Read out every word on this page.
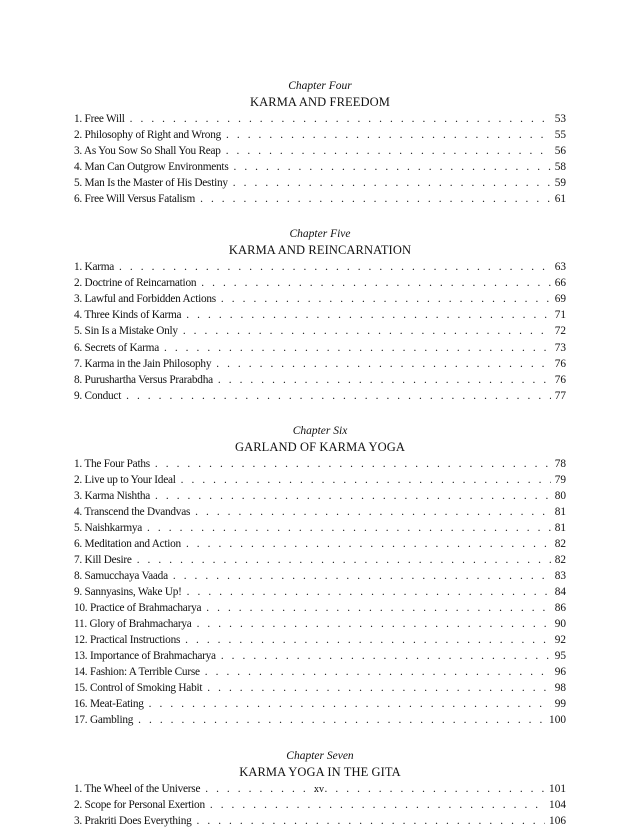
Chapter Four
KARMA AND FREEDOM
1. Free Will . . .	53
2. Philosophy of Right and Wrong . . .	55
3. As You Sow So Shall You Reap . . .	56
4. Man Can Outgrow Environments . . .	58
5. Man Is the Master of His Destiny . . .	59
6. Free Will Versus Fatalism . . .	61
Chapter Five
KARMA AND REINCARNATION
1. Karma . . .	63
2. Doctrine of Reincarnation . . .	66
3. Lawful and Forbidden Actions . . .	69
4. Three Kinds of Karma . . .	71
5. Sin Is a Mistake Only . . .	72
6. Secrets of Karma . . .	73
7. Karma in the Jain Philosophy . . .	76
8. Purushartha Versus Prarabdha . . .	76
9. Conduct . . .	77
Chapter Six
GARLAND OF KARMA YOGA
1. The Four Paths . . .	78
2. Live up to Your Ideal . . .	79
3. Karma Nishtha . . .	80
4. Transcend the Dvandvas . . .	81
5. Naishkarmya . . .	81
6. Meditation and Action . . .	82
7. Kill Desire . . .	82
8. Samucchaya Vaada . . .	83
9. Sannyasins, Wake Up! . . .	84
10. Practice of Brahmacharya . . .	86
11. Glory of Brahmacharya . . .	90
12. Practical Instructions . . .	92
13. Importance of Brahmacharya . . .	95
14. Fashion: A Terrible Curse . . .	96
15. Control of Smoking Habit . . .	98
16. Meat-Eating . . .	99
17. Gambling . . .	100
Chapter Seven
KARMA YOGA IN THE GITA
1. The Wheel of the Universe . . .	101
2. Scope for Personal Exertion . . .	104
3. Prakriti Does Everything . . .	106
xv
